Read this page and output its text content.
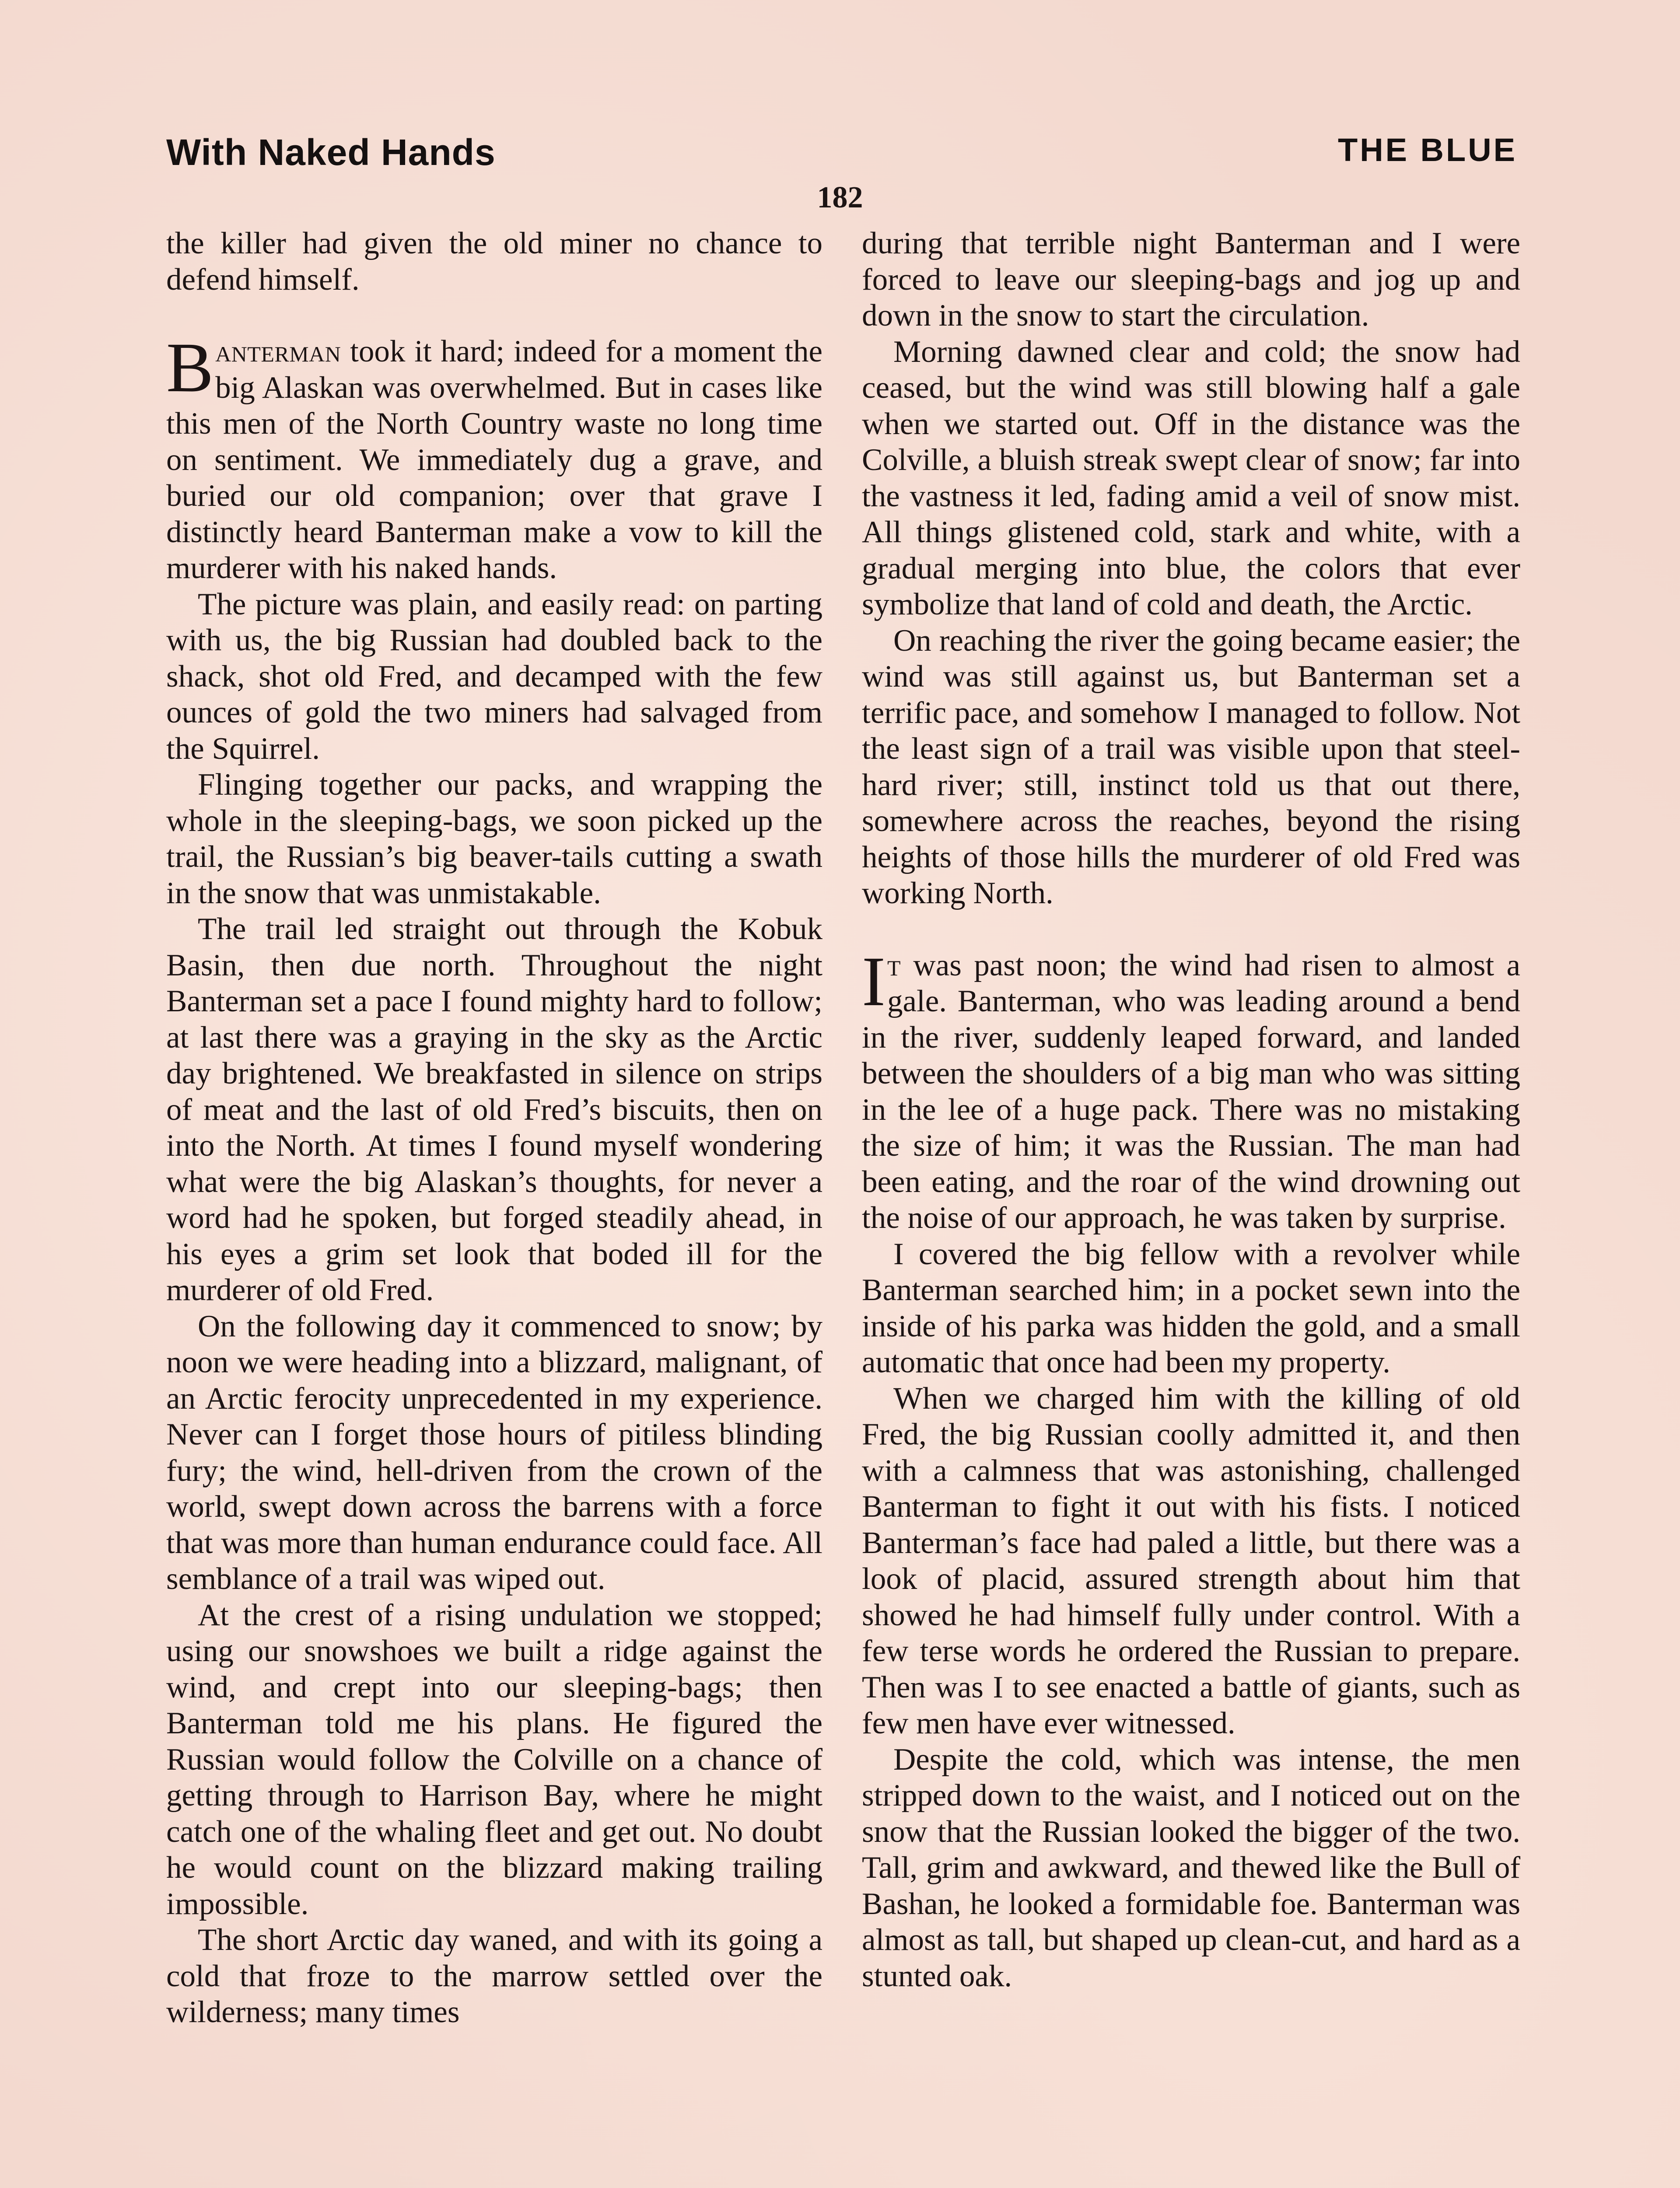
With Naked Hands	THE BLUE
182

the killer had given the old miner no chance to defend himself.

Banterman took it hard; indeed for a moment the big Alaskan was overwhelmed. But in cases like this men of the North Country waste no long time on sentiment. We immediately dug a grave, and buried our old companion; over that grave I distinctly heard Banterman make a vow to kill the murderer with his naked hands.

The picture was plain, and easily read: on parting with us, the big Russian had doubled back to the shack, shot old Fred, and decamped with the few ounces of gold the two miners had salvaged from the Squirrel.

Flinging together our packs, and wrapping the whole in the sleeping-bags, we soon picked up the trail, the Russian’s big beaver-tails cutting a swath in the snow that was unmistakable.

The trail led straight out through the Kobuk Basin, then due north. Throughout the night Banterman set a pace I found mighty hard to follow; at last there was a graying in the sky as the Arctic day brightened. We breakfasted in silence on strips of meat and the last of old Fred’s biscuits, then on into the North. At times I found myself wondering what were the big Alaskan’s thoughts, for never a word had he spoken, but forged steadily ahead, in his eyes a grim set look that boded ill for the murderer of old Fred.

On the following day it commenced to snow; by noon we were heading into a blizzard, malignant, of an Arctic ferocity unprecedented in my experience. Never can I forget those hours of pitiless blinding fury; the wind, hell-driven from the crown of the world, swept down across the barrens with a force that was more than human endurance could face. All semblance of a trail was wiped out.

At the crest of a rising undulation we stopped; using our snowshoes we built a ridge against the wind, and crept into our sleeping-bags; then Banterman told me his plans. He figured the Russian would follow the Colville on a chance of getting through to Harrison Bay, where he might catch one of the whaling fleet and get out. No doubt he would count on the blizzard making trailing impossible.

The short Arctic day waned, and with its going a cold that froze to the marrow settled over the wilderness; many times

during that terrible night Banterman and I were forced to leave our sleeping-bags and jog up and down in the snow to start the circulation.

Morning dawned clear and cold; the snow had ceased, but the wind was still blowing half a gale when we started out. Off in the distance was the Colville, a bluish streak swept clear of snow; far into the vastness it led, fading amid a veil of snow mist. All things glistened cold, stark and white, with a gradual merging into blue, the colors that ever symbolize that land of cold and death, the Arctic.

On reaching the river the going became easier; the wind was still against us, but Banterman set a terrific pace, and somehow I managed to follow. Not the least sign of a trail was visible upon that steel-hard river; still, instinct told us that out there, somewhere across the reaches, beyond the rising heights of those hills the murderer of old Fred was working North.

It was past noon; the wind had risen to almost a gale. Banterman, who was leading around a bend in the river, suddenly leaped forward, and landed between the shoulders of a big man who was sitting in the lee of a huge pack. There was no mistaking the size of him; it was the Russian. The man had been eating, and the roar of the wind drowning out the noise of our approach, he was taken by surprise.

I covered the big fellow with a revolver while Banterman searched him; in a pocket sewn into the inside of his parka was hidden the gold, and a small automatic that once had been my property.

When we charged him with the killing of old Fred, the big Russian coolly admitted it, and then with a calmness that was astonishing, challenged Banterman to fight it out with his fists. I noticed Banterman’s face had paled a little, but there was a look of placid, assured strength about him that showed he had himself fully under control. With a few terse words he ordered the Russian to prepare. Then was I to see enacted a battle of giants, such as few men have ever witnessed.

Despite the cold, which was intense, the men stripped down to the waist, and I noticed out on the snow that the Russian looked the bigger of the two. Tall, grim and awkward, and thewed like the Bull of Bashan, he looked a formidable foe. Banterman was almost as tall, but shaped up clean-cut, and hard as a stunted oak.
